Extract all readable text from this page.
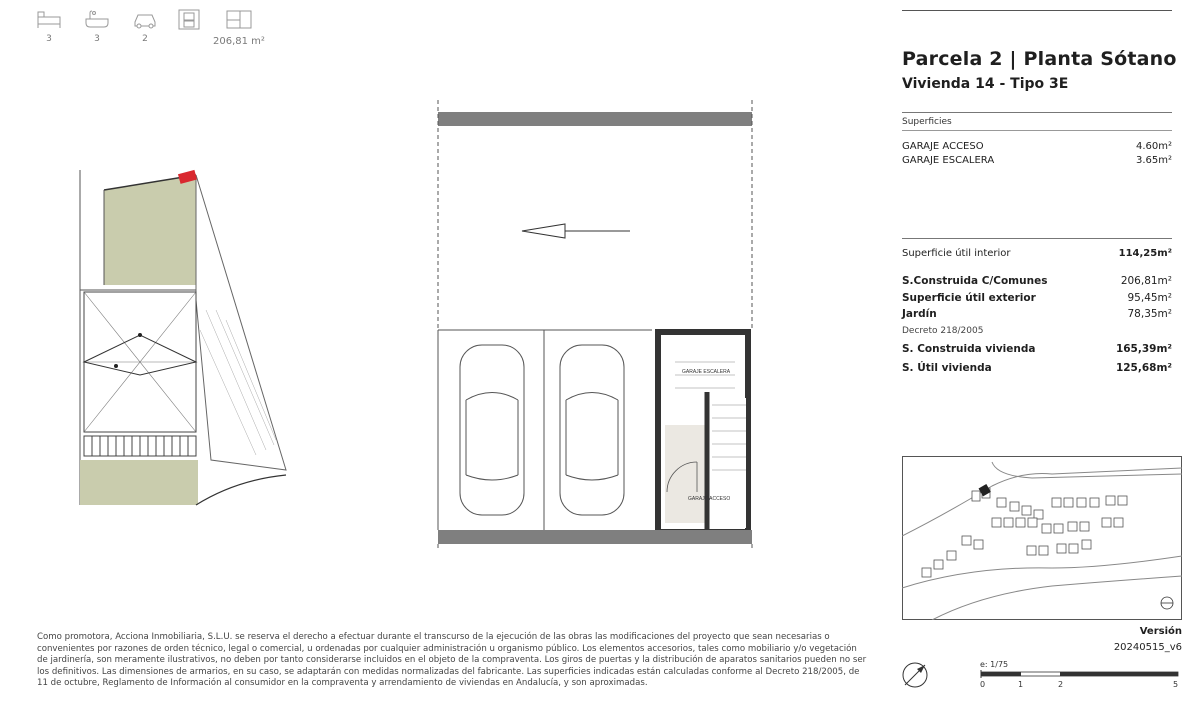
3	3	2	206,81 m²
GARAJE ESCALERA
GARAJE ACCESO
Parcela 2 | Planta Sótano
Vivienda 14 - Tipo 3E
Superficies
GARAJE ACCESO	4.60m²
GARAJE ESCALERA	3.65m²
Superficie útil interior	114,25m²
S.Construida C/Comunes	206,81m²
Superficie útil exterior	95,45m²
Jardín	78,35m²
Decreto 218/2005
S. Construida vivienda	165,39m²
S. Útil vivienda	125,68m²
Versión
20240515_v6
e: 1/75
0	1	2	5
Como promotora, Acciona Inmobiliaria, S.L.U. se reserva el derecho a efectuar durante el transcurso de la ejecución de las obras las modificaciones del proyecto que sean necesarias o convenientes por razones de orden técnico, legal o comercial, u ordenadas por cualquier administración u organismo público. Los elementos accesorios, tales como mobiliario y/o vegetación de jardinería, son meramente ilustrativos, no deben por tanto considerarse incluidos en el objeto de la compraventa. Los giros de puertas y la distribución de aparatos sanitarios pueden no ser los definitivos. Las dimensiones de armarios, en su caso, se adaptarán con medidas normalizadas del fabricante. Las superficies indicadas están calculadas conforme al Decreto 218/2005, de 11 de octubre, Reglamento de Información al consumidor en la compraventa y arrendamiento de viviendas en Andalucía, y son aproximadas.
